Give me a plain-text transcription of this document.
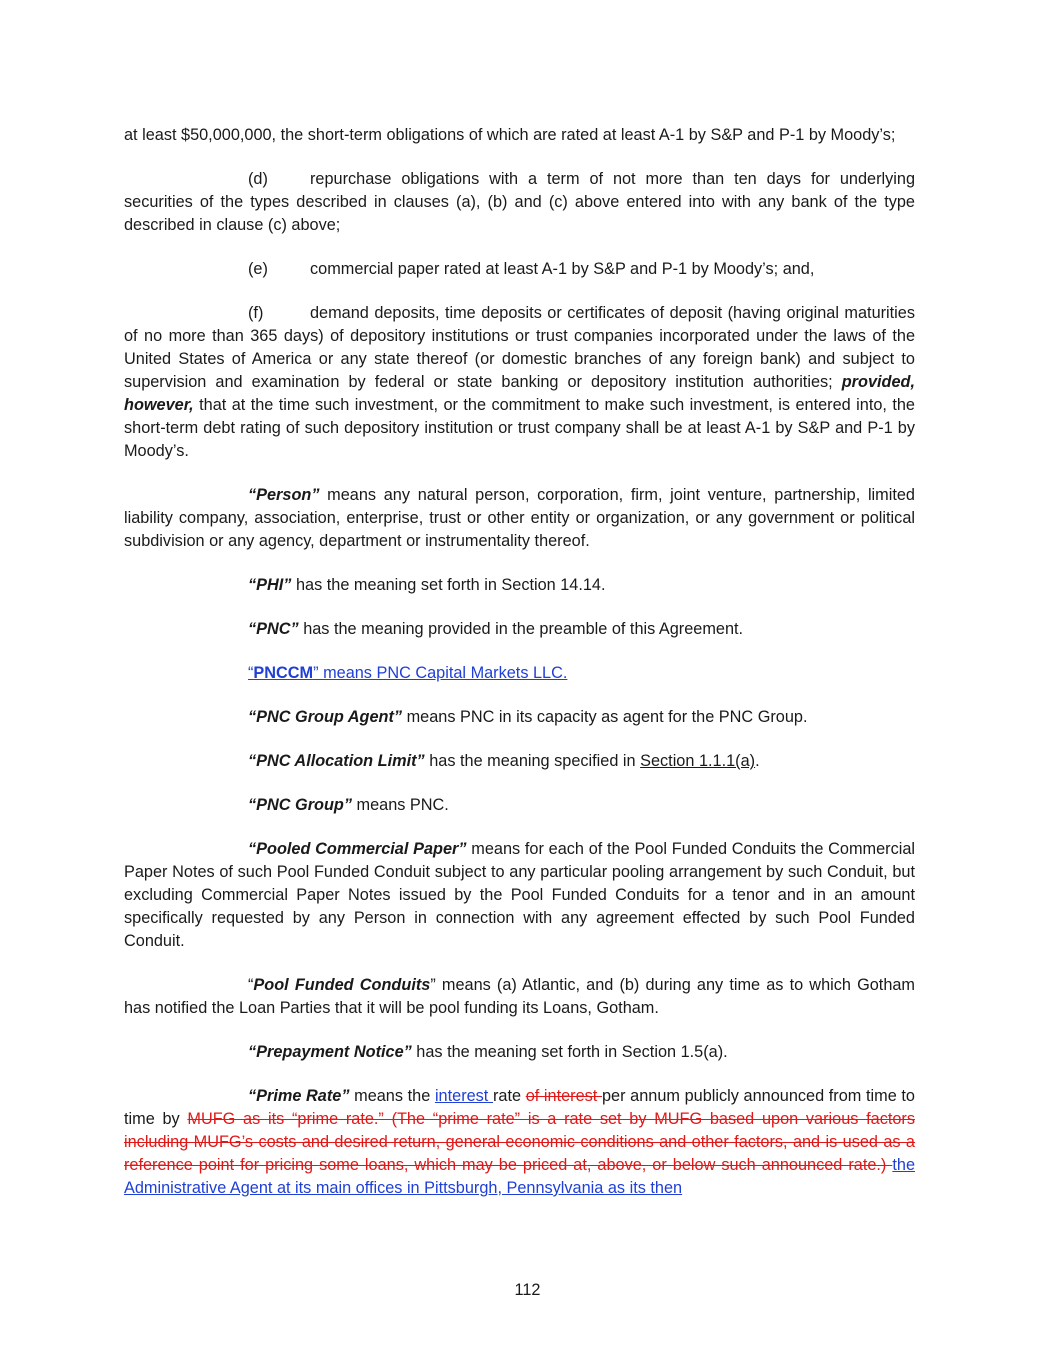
at least $50,000,000, the short-term obligations of which are rated at least A-1 by S&P and P-1 by Moody’s;

(d)	repurchase obligations with a term of not more than ten days for underlying securities of the types described in clauses (a), (b) and (c) above entered into with any bank of the type described in clause (c) above;

(e)	commercial paper rated at least A-1 by S&P and P-1 by Moody’s; and,

(f)	demand deposits, time deposits or certificates of deposit (having original maturities of no more than 365 days) of depository institutions or trust companies incorporated under the laws of the United States of America or any state thereof (or domestic branches of any foreign bank) and subject to supervision and examination by federal or state banking or depository institution authorities; provided, however, that at the time such investment, or the commitment to make such investment, is entered into, the short-term debt rating of such depository institution or trust company shall be at least A-1 by S&P and P-1 by Moody’s.

“Person” means any natural person, corporation, firm, joint venture, partnership, limited liability company, association, enterprise, trust or other entity or organization, or any government or political subdivision or any agency, department or instrumentality thereof.

“PHI” has the meaning set forth in Section 14.14.

“PNC” has the meaning provided in the preamble of this Agreement.

“PNCCM” means PNC Capital Markets LLC.

“PNC Group Agent” means PNC in its capacity as agent for the PNC Group.

“PNC Allocation Limit” has the meaning specified in Section 1.1.1(a).

“PNC Group” means PNC.

“Pooled Commercial Paper” means for each of the Pool Funded Conduits the Commercial Paper Notes of such Pool Funded Conduit subject to any particular pooling arrangement by such Conduit, but excluding Commercial Paper Notes issued by the Pool Funded Conduits for a tenor and in an amount specifically requested by any Person in connection with any agreement effected by such Pool Funded Conduit.

“Pool Funded Conduits” means (a) Atlantic, and (b) during any time as to which Gotham has notified the Loan Parties that it will be pool funding its Loans, Gotham.

“Prepayment Notice” has the meaning set forth in Section 1.5(a).

“Prime Rate” means the interest rate of interest per annum publicly announced from time to time by MUFG as its “prime rate.” (The “prime rate” is a rate set by MUFG based upon various factors including MUFG’s costs and desired return, general economic conditions and other factors, and is used as a reference point for pricing some loans, which may be priced at, above, or below such announced rate.) the Administrative Agent at its main offices in Pittsburgh, Pennsylvania as its then

112
